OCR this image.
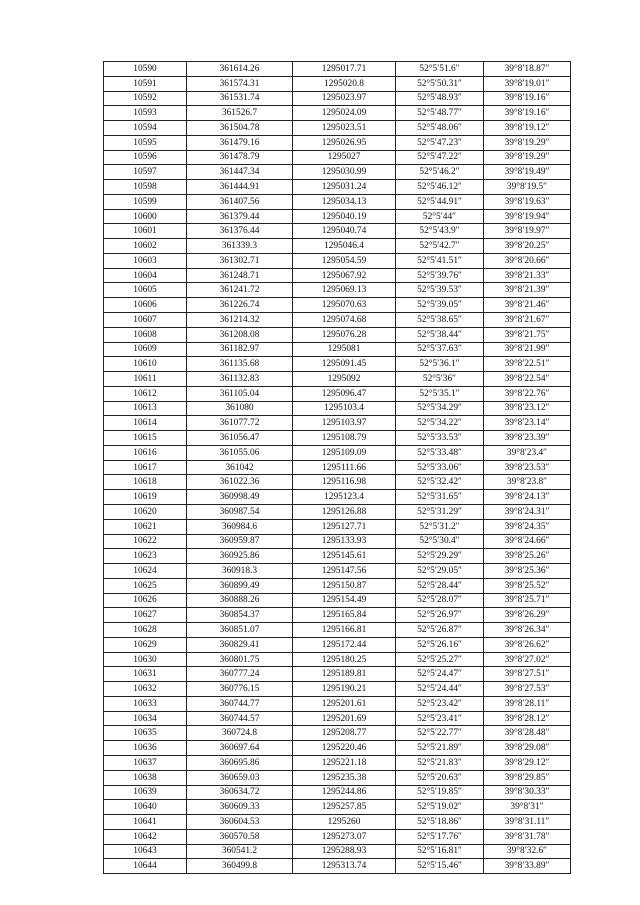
10590	361614.26	1295017.71	52°5′51.6″	39°8′18.87″
10591	361574.31	1295020.8	52°5′50.31″	39°8′19.01″
10592	361531.74	1295023.97	52°5′48.93″	39°8′19.16″
10593	361526.7	1295024.09	52°5′48.77″	39°8′19.16″
10594	361504.78	1295023.51	52°5′48.06″	39°8′19.12″
10595	361479.16	1295026.95	52°5′47.23″	39°8′19.29″
10596	361478.79	1295027	52°5′47.22″	39°8′19.29″
10597	361447.34	1295030.99	52°5′46.2″	39°8′19.49″
10598	361444.91	1295031.24	52°5′46.12″	39°8′19.5″
10599	361407.56	1295034.13	52°5′44.91″	39°8′19.63″
10600	361379.44	1295040.19	52°5′44″	39°8′19.94″
10601	361376.44	1295040.74	52°5′43.9″	39°8′19.97″
10602	361339.3	1295046.4	52°5′42.7″	39°8′20.25″
10603	361302.71	1295054.59	52°5′41.51″	39°8′20.66″
10604	361248.71	1295067.92	52°5′39.76″	39°8′21.33″
10605	361241.72	1295069.13	52°5′39.53″	39°8′21.39″
10606	361226.74	1295070.63	52°5′39.05″	39°8′21.46″
10607	361214.32	1295074.68	52°5′38.65″	39°8′21.67″
10608	361208.08	1295076.28	52°5′38.44″	39°8′21.75″
10609	361182.97	1295081	52°5′37.63″	39°8′21.99″
10610	361135.68	1295091.45	52°5′36.1″	39°8′22.51″
10611	361132.83	1295092	52°5′36″	39°8′22.54″
10612	361105.04	1295096.47	52°5′35.1″	39°8′22.76″
10613	361080	1295103.4	52°5′34.29″	39°8′23.12″
10614	361077.72	1295103.97	52°5′34.22″	39°8′23.14″
10615	361056.47	1295108.79	52°5′33.53″	39°8′23.39″
10616	361055.06	1295109.09	52°5′33.48″	39°8′23.4″
10617	361042	1295111.66	52°5′33.06″	39°8′23.53″
10618	361022.36	1295116.98	52°5′32.42″	39°8′23.8″
10619	360998.49	1295123.4	52°5′31.65″	39°8′24.13″
10620	360987.54	1295126.88	52°5′31.29″	39°8′24.31″
10621	360984.6	1295127.71	52°5′31.2″	39°8′24.35″
10622	360959.87	1295133.93	52°5′30.4″	39°8′24.66″
10623	360925.86	1295145.61	52°5′29.29″	39°8′25.26″
10624	360918.3	1295147.56	52°5′29.05″	39°8′25.36″
10625	360899.49	1295150.87	52°5′28.44″	39°8′25.52″
10626	360888.26	1295154.49	52°5′28.07″	39°8′25.71″
10627	360854.37	1295165.84	52°5′26.97″	39°8′26.29″
10628	360851.07	1295166.81	52°5′26.87″	39°8′26.34″
10629	360829.41	1295172.44	52°5′26.16″	39°8′26.62″
10630	360801.75	1295180.25	52°5′25.27″	39°8′27.02″
10631	360777.24	1295189.81	52°5′24.47″	39°8′27.51″
10632	360776.15	1295190.21	52°5′24.44″	39°8′27.53″
10633	360744.77	1295201.61	52°5′23.42″	39°8′28.11″
10634	360744.57	1295201.69	52°5′23.41″	39°8′28.12″
10635	360724.8	1295208.77	52°5′22.77″	39°8′28.48″
10636	360697.64	1295220.46	52°5′21.89″	39°8′29.08″
10637	360695.86	1295221.18	52°5′21.83″	39°8′29.12″
10638	360659.03	1295235.38	52°5′20.63″	39°8′29.85″
10639	360634.72	1295244.86	52°5′19.85″	39°8′30.33″
10640	360609.33	1295257.85	52°5′19.02″	39°8′31″
10641	360604.53	1295260	52°5′18.86″	39°8′31.11″
10642	360570.58	1295273.07	52°5′17.76″	39°8′31.78″
10643	360541.2	1295288.93	52°5′16.81″	39°8′32.6″
10644	360499.8	1295313.74	52°5′15.46″	39°8′33.89″
